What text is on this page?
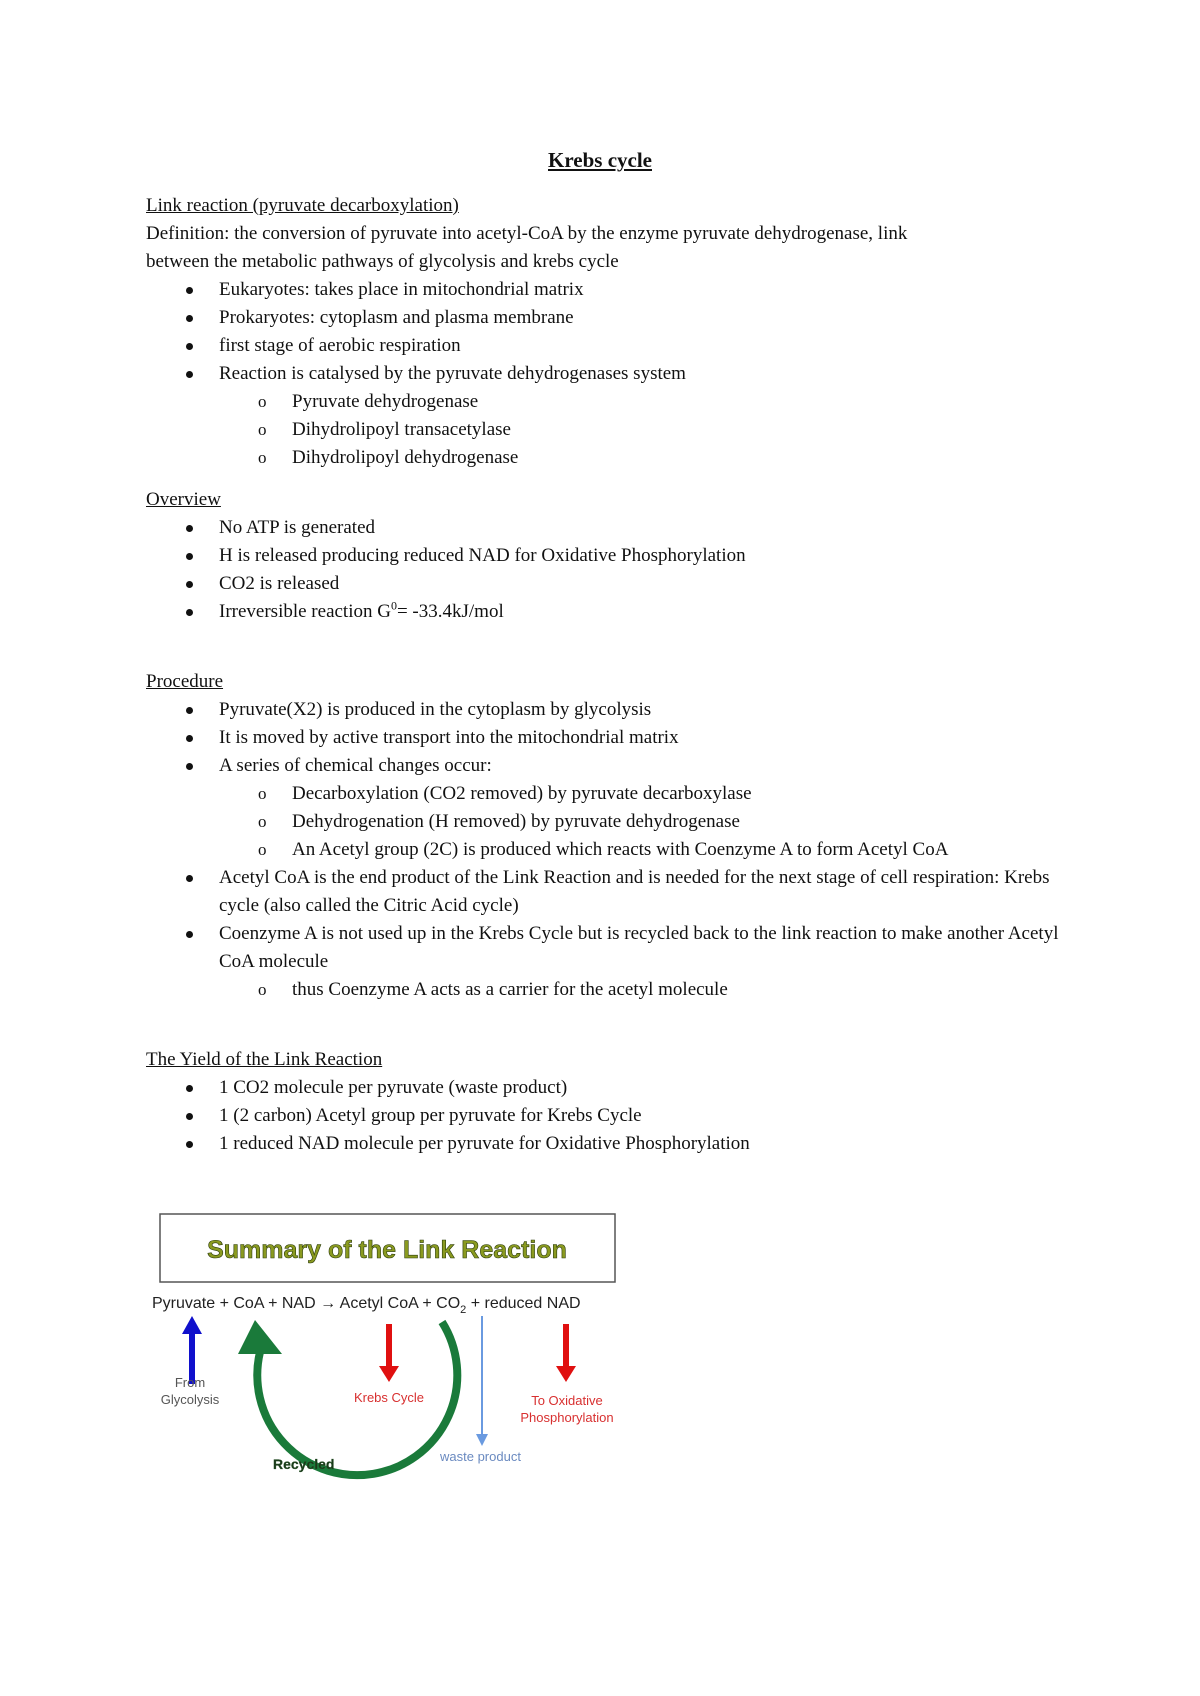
Krebs cycle
Link reaction (pyruvate decarboxylation)
Definition: the conversion of pyruvate into acetyl-CoA by the enzyme pyruvate dehydrogenase, link
between the metabolic pathways of glycolysis and krebs cycle
Eukaryotes: takes place in mitochondrial matrix
Prokaryotes: cytoplasm and plasma membrane
first stage of aerobic respiration
Reaction is catalysed by the pyruvate dehydrogenases system
o Pyruvate dehydrogenase
o Dihydrolipoyl transacetylase
o Dihydrolipoyl dehydrogenase
Overview
No ATP is generated
H is released producing reduced NAD for Oxidative Phosphorylation
CO2 is released
Irreversible reaction $G^0= -33.4kJ/mol$
Procedure
Pyruvate(X2) is produced in the cytoplasm by glycolysis
It is moved by active transport into the mitochondrial matrix
A series of chemical changes occur:
o Decarboxylation (CO2 removed) by pyruvate decarboxylase
o Dehydrogenation (H removed) by pyruvate dehydrogenase
o An Acetyl group (2C) is produced which reacts with Coenzyme A to form Acetyl CoA
Acetyl CoA is the end product of the Link Reaction and is needed for the next stage of cell respiration: Krebs cycle (also called the Citric Acid cycle)
Coenzyme A is not used up in the Krebs Cycle but is recycled back to the link reaction to make another Acetyl CoA molecule
o thus Coenzyme A acts as a carrier for the acetyl molecule
The Yield of the Link Reaction
1 CO2 molecule per pyruvate (waste product)
1 (2 carbon) Acetyl group per pyruvate for Krebs Cycle
1 reduced NAD molecule per pyruvate for Oxidative Phosphorylation
Summary of the Link Reaction
Pyruvate + CoA + NAD → Acetyl CoA + $CO_2$ + reduced NAD
From
Glycolysis
Recycled
Krebs Cycle
waste product
To Oxidative
Phosphorylation
